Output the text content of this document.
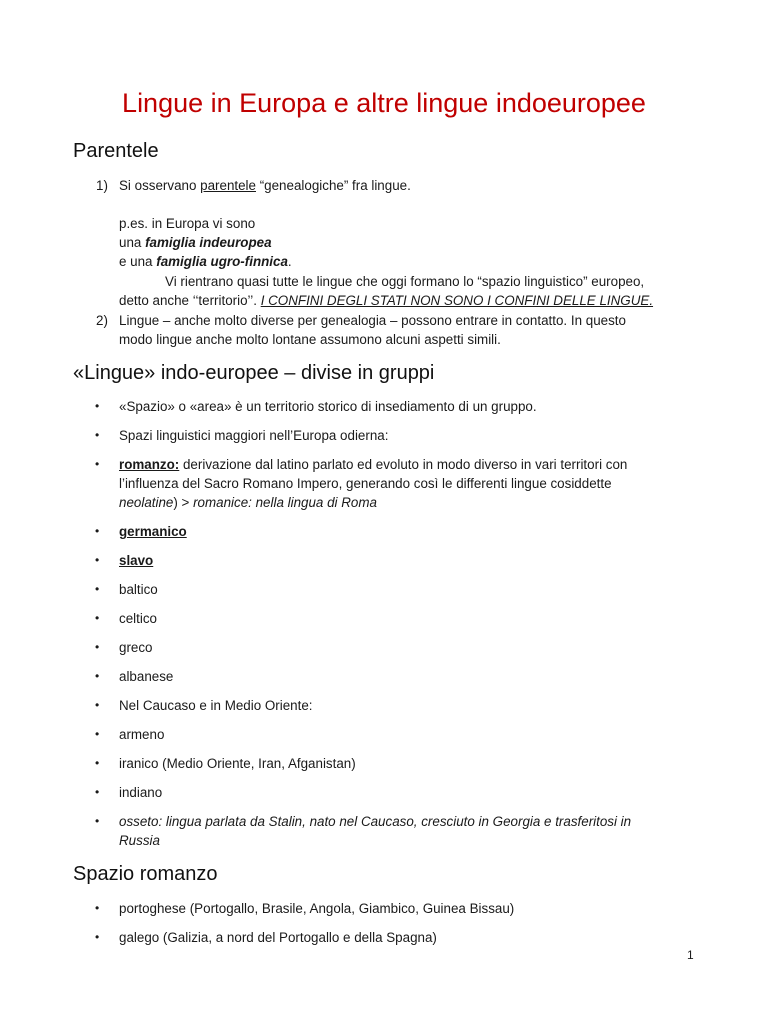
Lingue in Europa e altre lingue indoeuropee
Parentele
1) Si osservano parentele “genealogiche” fra lingue.

p.es. in Europa vi sono

una famiglia indeuropea

e una famiglia ugro-finnica.

Vi rientrano quasi tutte le lingue che oggi formano lo “spazio linguistico” europeo,

detto anche ‘‘territorio’’. I CONFINI DEGLI STATI NON SONO I CONFINI DELLE LINGUE.

2) Lingue – anche molto diverse per genealogia – possono entrare in contatto. In questo

modo lingue anche molto lontane assumono alcuni aspetti simili.

«Lingue» indo-europee – divise in gruppi
• «Spazio» o «area» è un territorio storico di insediamento di un gruppo.

• Spazi linguistici maggiori nell’Europa odierna:

• romanzo: derivazione dal latino parlato ed evoluto in modo diverso in vari territori con

l’influenza del Sacro Romano Impero, generando così le differenti lingue cosiddette

neolatine) > romanice: nella lingua di Roma

• germanico

• slavo

• baltico

• celtico

• greco

• albanese

• Nel Caucaso e in Medio Oriente:

• armeno

• iranico (Medio Oriente, Iran, Afganistan)

• indiano

• osseto: lingua parlata da Stalin, nato nel Caucaso, cresciuto in Georgia e trasferitosi in

Russia

Spazio romanzo
• portoghese (Portogallo, Brasile, Angola, Giambico, Guinea Bissau)

• galego (Galizia, a nord del Portogallo e della Spagna)

1
